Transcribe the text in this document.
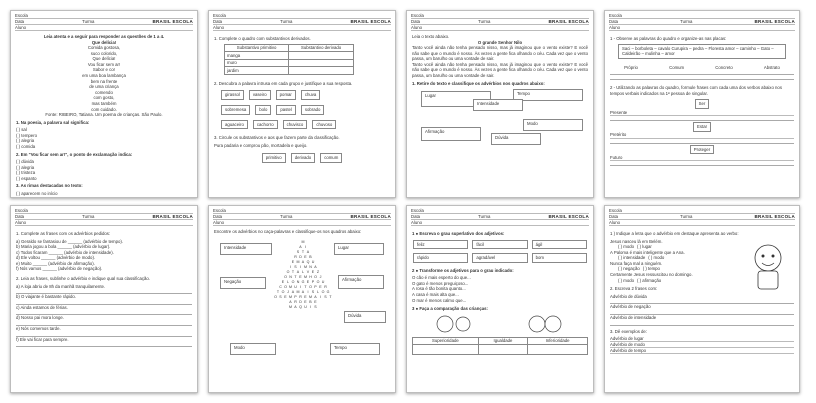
Escola
Data	Turma	BRASIL ESCOLA
Aluno
Leia atenta e a seguir para responder as questões de 1 a 4.
Que delícia!
Comida gostosa,
suco colorido,
Que delícia!
Vou ficar sem ar!
Sabor e cor
em uma boa lambança
bem na frente
de uma criança
comendo
com gosto,
mas também
com cuidado.
Fonte: RIBEIRO, Tatiana. Um poema de crianças. São Paulo.
1. Na poesia, a palavra sal significa:
( ) sal
( ) tempero
( ) alegria
( ) comida
2. Em "Vou ficar sem ar!", o ponto de exclamação indica:
( ) dúvida
( ) alegria
( ) tristeza
( ) espanto
3. As rimas destacadas no texto:
( ) aparecem no início
Escola
Data	Turma	BRASIL ESCOLA
Aluno
1. Complete o quadro com substantivos derivados.
Substantivo primitivo	Substantivo derivado
manga	
muro	
jardim	
2. Descubra a palavra intrusa em cada grupo e justifique a sua resposta.
girassol	vaseiro	pomar	chuva
sobremesa	bolo	pastel	sobrado
aguaceiro	cachorro	chuvisco	chuvoso
3. Circule os substantivos e aos que fazem parte da classificação.
Pura padaria e comprou pão, mortadela e queijo.
primitivo	derivado	comum
Escola
Data	Turma	BRASIL ESCOLA
Aluno
Leia o texto abaixo.
O grande Senhor Nilo
Tanto você ainda não tenha pensado nisso, mas já imaginou que o vento existe? E você não sabe que o mundo é nosso. Às vezes a gente fica olhando o céu. Cada vez que o vento passa, um barulho ou uma vontade de sair.
Tanto você ainda não tenha pensado nisso, mas já imaginou que o vento existe? E você não sabe que o mundo é nosso. Às vezes a gente fica olhando o céu. Cada vez que o vento passa, um barulho ou uma vontade de sair.
1. Retire do texto e classifique os advérbios nos quadros abaixo:
Lugar	Tempo
Intensidade
Modo
Afirmação
Dúvida
Escola
Data	Turma	BRASIL ESCOLA
Aluno
1 - Observe as palavras do quadro e organize-as nas placas:
Saci – borboleta – cavalo Curupira – pedra – Floresta amor – caminho – Gato – Caldeirão – mulinha – amor
Próprio	Comum	Concreto	Abstrato
2 - Utilizando as palavras do quadro, formule frases com cada uma dos verbos abaixo nos tempos verbais indicados na 1ª pessoa de singular.
Ser
Presente
Estar
Pretérito
Proteger
Futuro
Escola
Data	Turma	BRASIL ESCOLA
Aluno
1. Complete as frases com os advérbios pedidos:
a) Geraldo se fantasiou de ______ (advérbio de tempo).
b) Maria jogou a bola ______ (advérbio de lugar).
c) Todos ficaram ______ (advérbio de intensidade).
d) Ele voltou ______ (advérbio de modo).
e) Muito ______ (advérbio de afirmação).
f) Nós vamos ______ (advérbio de negação).
2. Leia as frases, sublinhe o advérbio e indique qual sua classificação.
a) A loja abriu de 8h da manhã tranquilamente.
b) O viajante é bastante rápido.
c) Ainda estamos de férias.
d) Nosso pai mora longe.
e) Nós comemos tarde.
f) Ele vai ficar para sempre.
Escola
Data	Turma	BRASIL ESCOLA
Aluno
Encontre os advérbios no caça-palavras e classifique-os nos quadros abaixo:
Intensidade	Lugar
Negação	Afirmação
Dúvida
Modo	Tempo
M
A I
S T A
R D E B
E M A Q U
I S I M N A
O T A L V E Z
O N T E M H O J
E L O N G E P O U
C O M U I T O P E R
T O J A M A I S L O G
O S E M P R E M A I S T
A R D E B E
M A Q U I S
Escola
Data	Turma	BRASIL ESCOLA
Aluno
1 ● Escreva o grau superlativo dos adjetivos:
feliz	fácil	ágil
rápido	agradável	bom
2 ● Transforme os adjetivos para o grau indicado:
O cão é mais esperto do que...
O gato é menos preguiçoso...
A rosa é tão bonita quanto...
A casa é mais alta que...
O mar é menos calmo que...
3 ● Faça a comparação das crianças:
Superioridade	Igualdade	Inferioridade

Escola
Data	Turma	BRASIL ESCOLA
Aluno
1 ) Indique a letra que o advérbio em destaque apresenta ao verbo:
Jesus nasceu lá em Belém.
( ) modo ( ) lugar
A Paloma é mais inteligente que a Ana.
( ) intensidade ( ) modo
Nunca faça mal a ninguém.
( ) negação ( ) tempo
Certamente Jesus ressuscitou no domingo.
( ) modo ( ) afirmação
2. Escreva 2 frases com:
Advérbio de dúvida
Advérbio de negação
Advérbio de intensidade
3. Dê exemplos de:
Advérbio de lugar
Advérbio de modo
Advérbio de tempo
